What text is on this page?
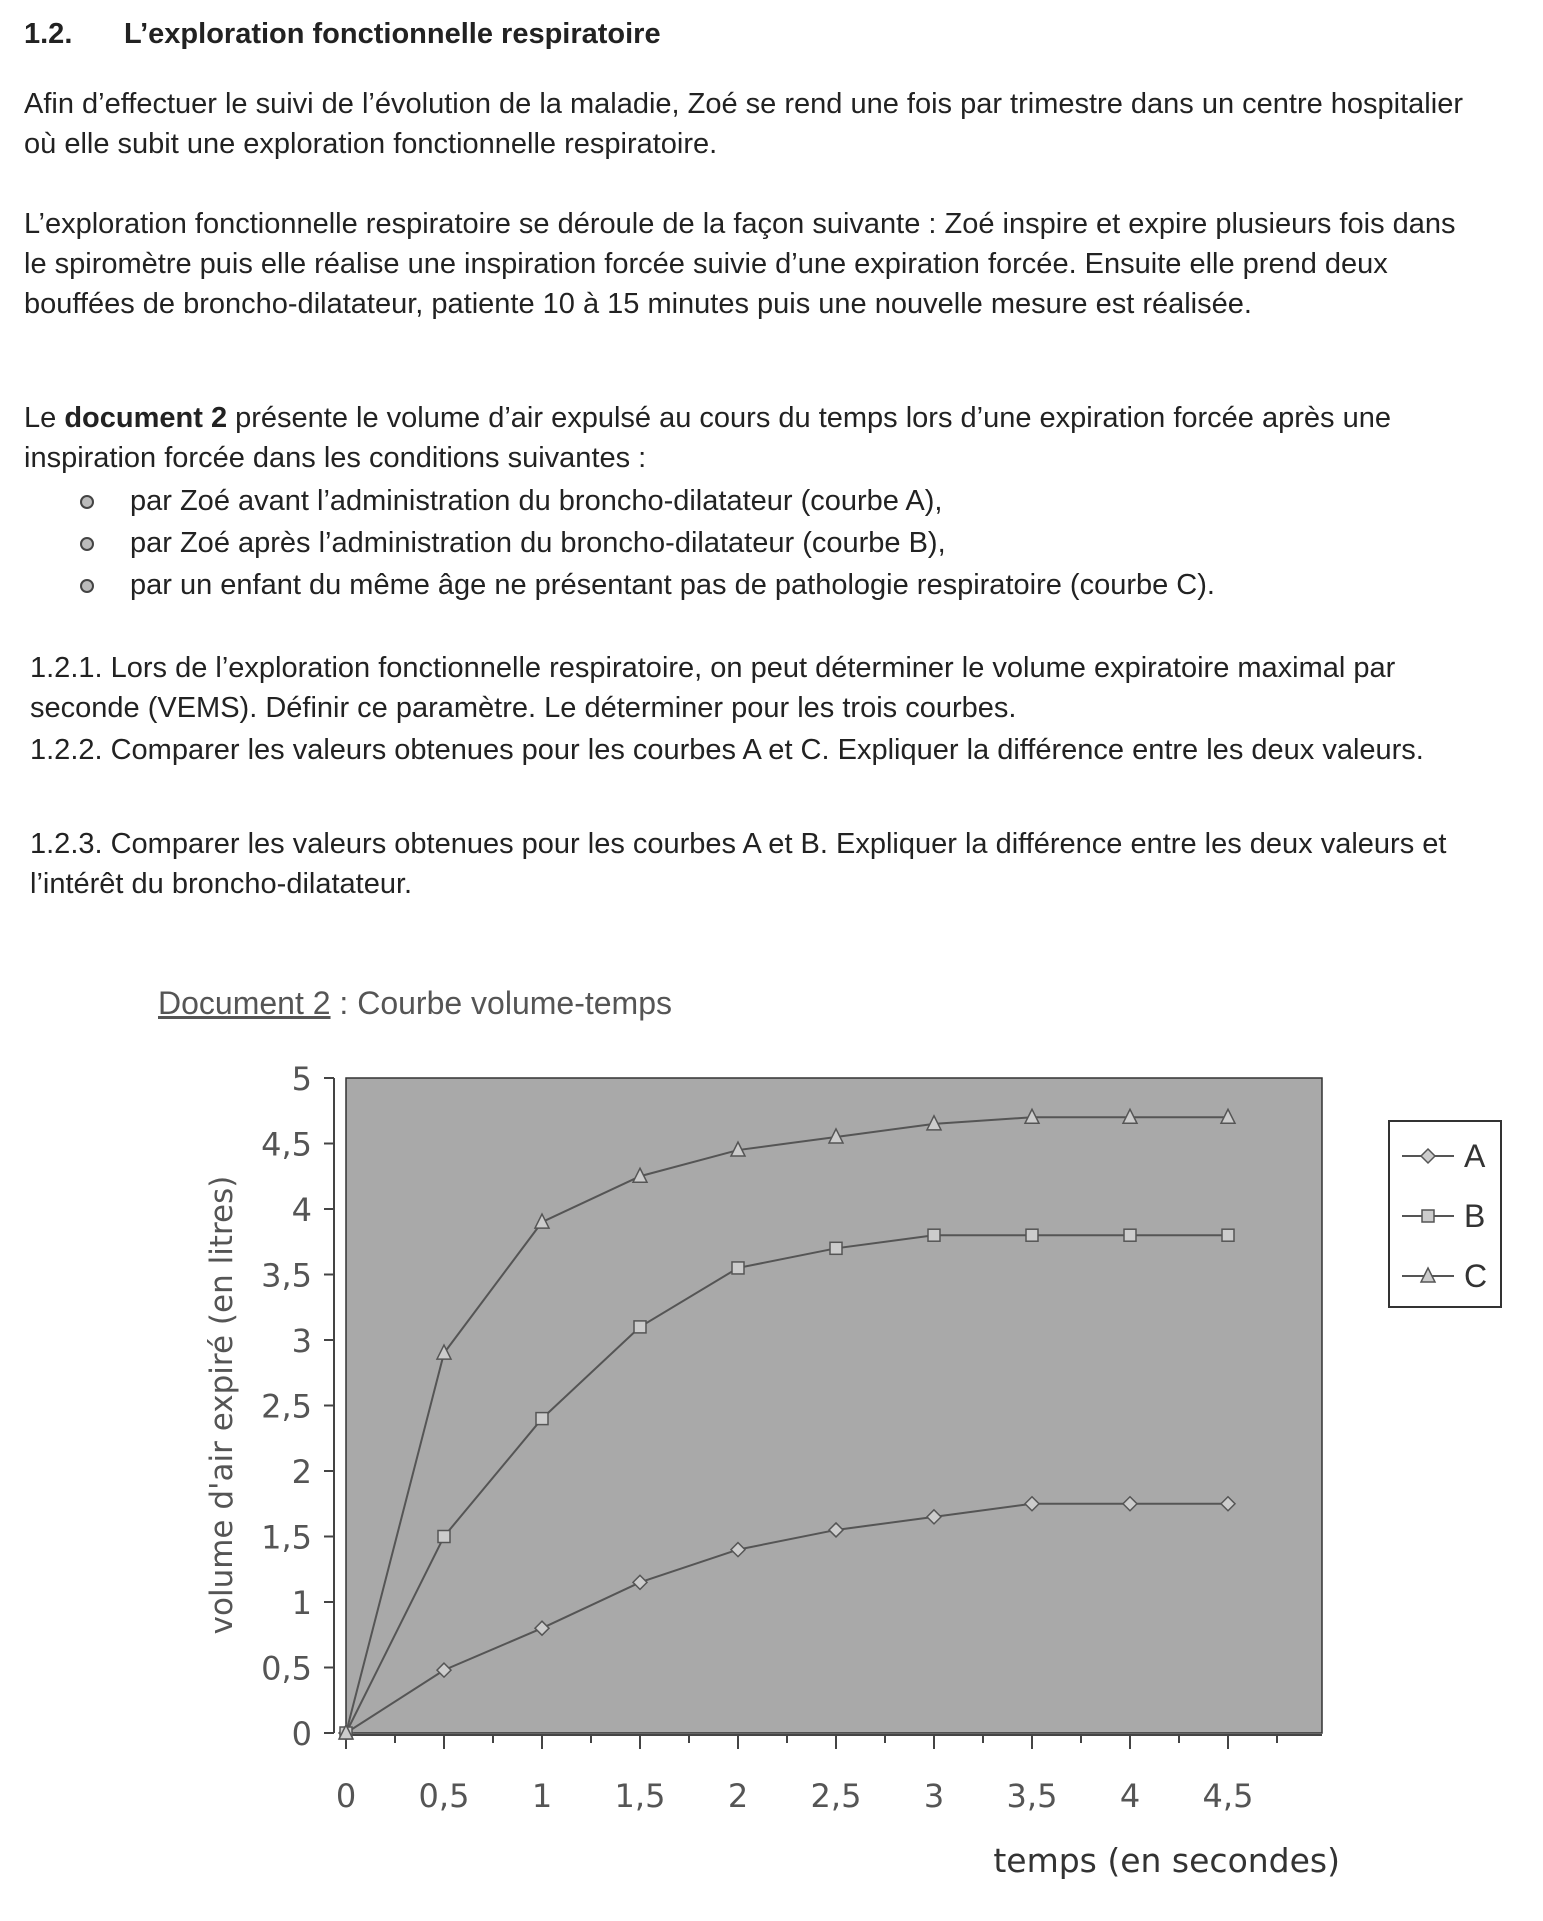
1.2. L’exploration fonctionnelle respiratoire

Afin d’effectuer le suivi de l’évolution de la maladie, Zoé se rend une fois par trimestre dans un centre hospitalier où elle subit une exploration fonctionnelle respiratoire.

L’exploration fonctionnelle respiratoire se déroule de la façon suivante : Zoé inspire et expire plusieurs fois dans le spiromètre puis elle réalise une inspiration forcée suivie d’une expiration forcée. Ensuite elle prend deux bouffées de broncho-dilatateur, patiente 10 à 15 minutes puis une nouvelle mesure est réalisée.

Le document 2 présente le volume d’air expulsé au cours du temps lors d’une expiration forcée après une inspiration forcée dans les conditions suivantes :

par Zoé avant l’administration du broncho-dilatateur (courbe A),
par Zoé après l’administration du broncho-dilatateur (courbe B),
par un enfant du même âge ne présentant pas de pathologie respiratoire (courbe C).

1.2.1. Lors de l’exploration fonctionnelle respiratoire, on peut déterminer le volume expiratoire maximal par seconde (VEMS). Définir ce paramètre. Le déterminer pour les trois courbes.

1.2.2. Comparer les valeurs obtenues pour les courbes A et C. Expliquer la différence entre les deux valeurs.

1.2.3. Comparer les valeurs obtenues pour les courbes A et B. Expliquer la différence entre les deux valeurs et l’intérêt du broncho-dilatateur.

Document 2 : Courbe volume-temps
0
0,5
1
1,5
2
2,5
3
3,5
4
4,5
5
0 0,5 1 1,5 2 2,5 3 3,5 4 4,5
volume d'air expiré (en litres)
temps (en secondes)
A
B
C
